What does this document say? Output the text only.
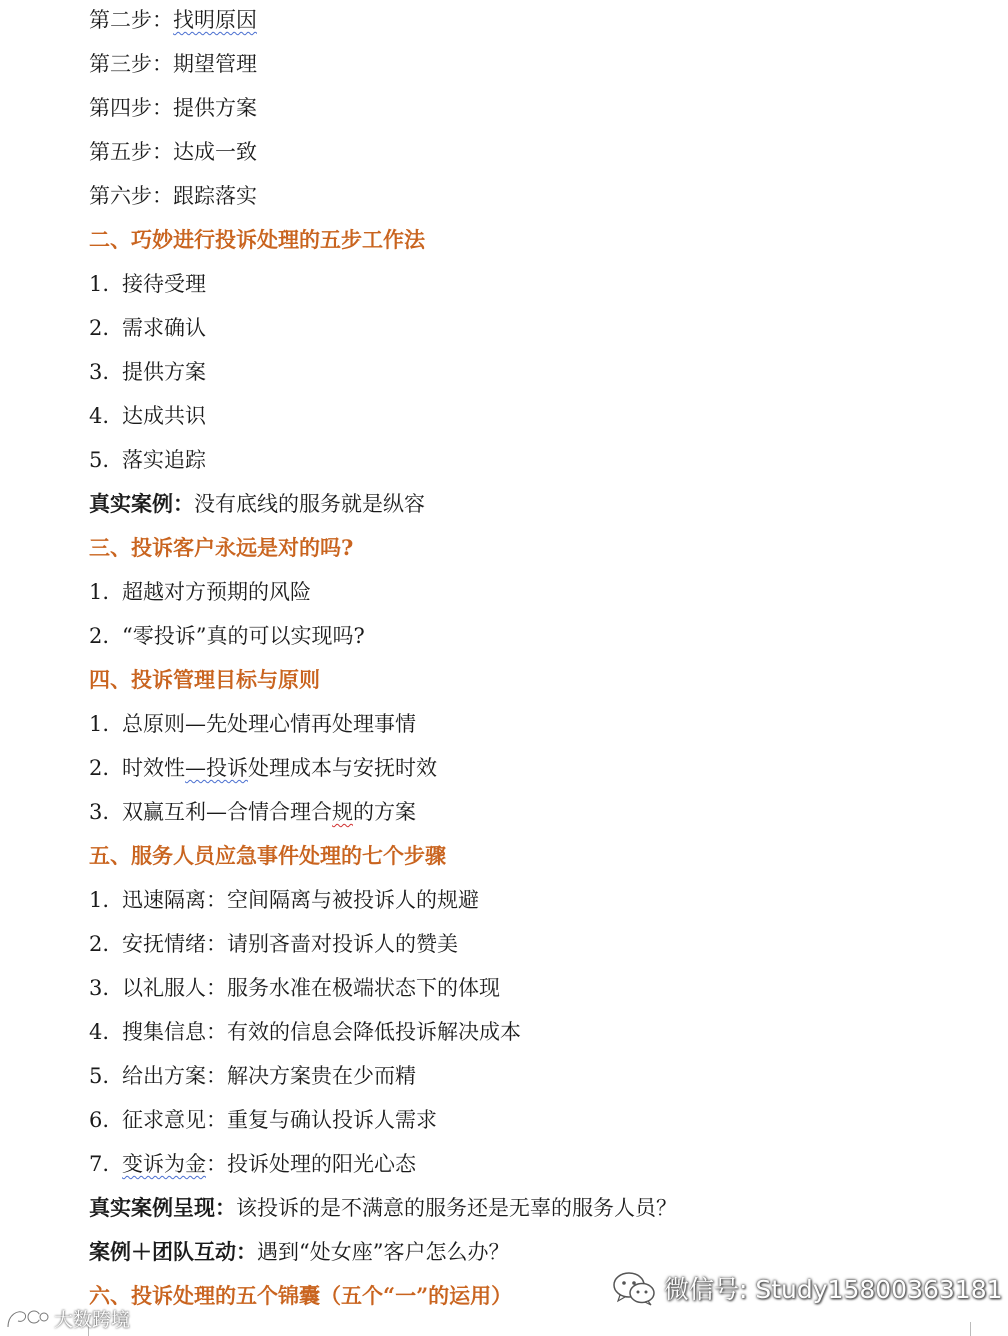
第二步：找明原因
第三步：期望管理
第四步：提供方案
第五步：达成一致
第六步：跟踪落实
二、巧妙进行投诉处理的五步工作法
1. 接待受理
2. 需求确认
3. 提供方案
4. 达成共识
5. 落实追踪
真实案例：没有底线的服务就是纵容
三、投诉客户永远是对的吗?
1. 超越对方预期的风险
2. “零投诉”真的可以实现吗?
四、投诉管理目标与原则
1. 总原则—先处理心情再处理事情
2. 时效性—投诉处理成本与安抚时效
3. 双赢互利—合情合理合规的方案
五、服务人员应急事件处理的七个步骤
1. 迅速隔离：空间隔离与被投诉人的规避
2. 安抚情绪：请别吝啬对投诉人的赞美
3. 以礼服人：服务水准在极端状态下的体现
4. 搜集信息：有效的信息会降低投诉解决成本
5. 给出方案：解决方案贵在少而精
6. 征求意见：重复与确认投诉人需求
7. 变诉为金：投诉处理的阳光心态
真实案例呈现：该投诉的是不满意的服务还是无辜的服务人员？
案例＋团队互动：遇到“处女座”客户怎么办？
六、投诉处理的五个锦囊（五个“一”的运用）	微信号: Study15800363181
大数跨境
